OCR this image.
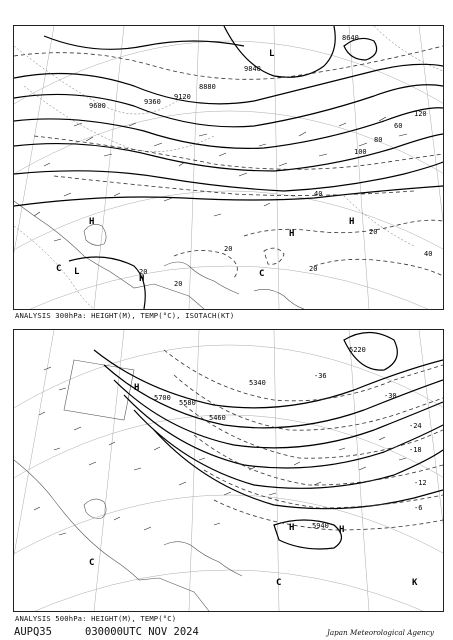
8640
8880
9120
9360
9600
9840
120
100
80
60
40
20
40
20
20
20
20
L
L
H	H
H
H
C	C
ANALYSIS 300hPa: HEIGHT(M), TEMP(°C), ISOTACH(KT)
5220
5340
5700
5580
5940
5460
-36
-30
-24
-18
-12
-6
H	H
H
C
C	K
ANALYSIS 500hPa: HEIGHT(M), TEMP(°C)
AUPQ35	030000UTC NOV 2024	Japan Meteorological Agency
